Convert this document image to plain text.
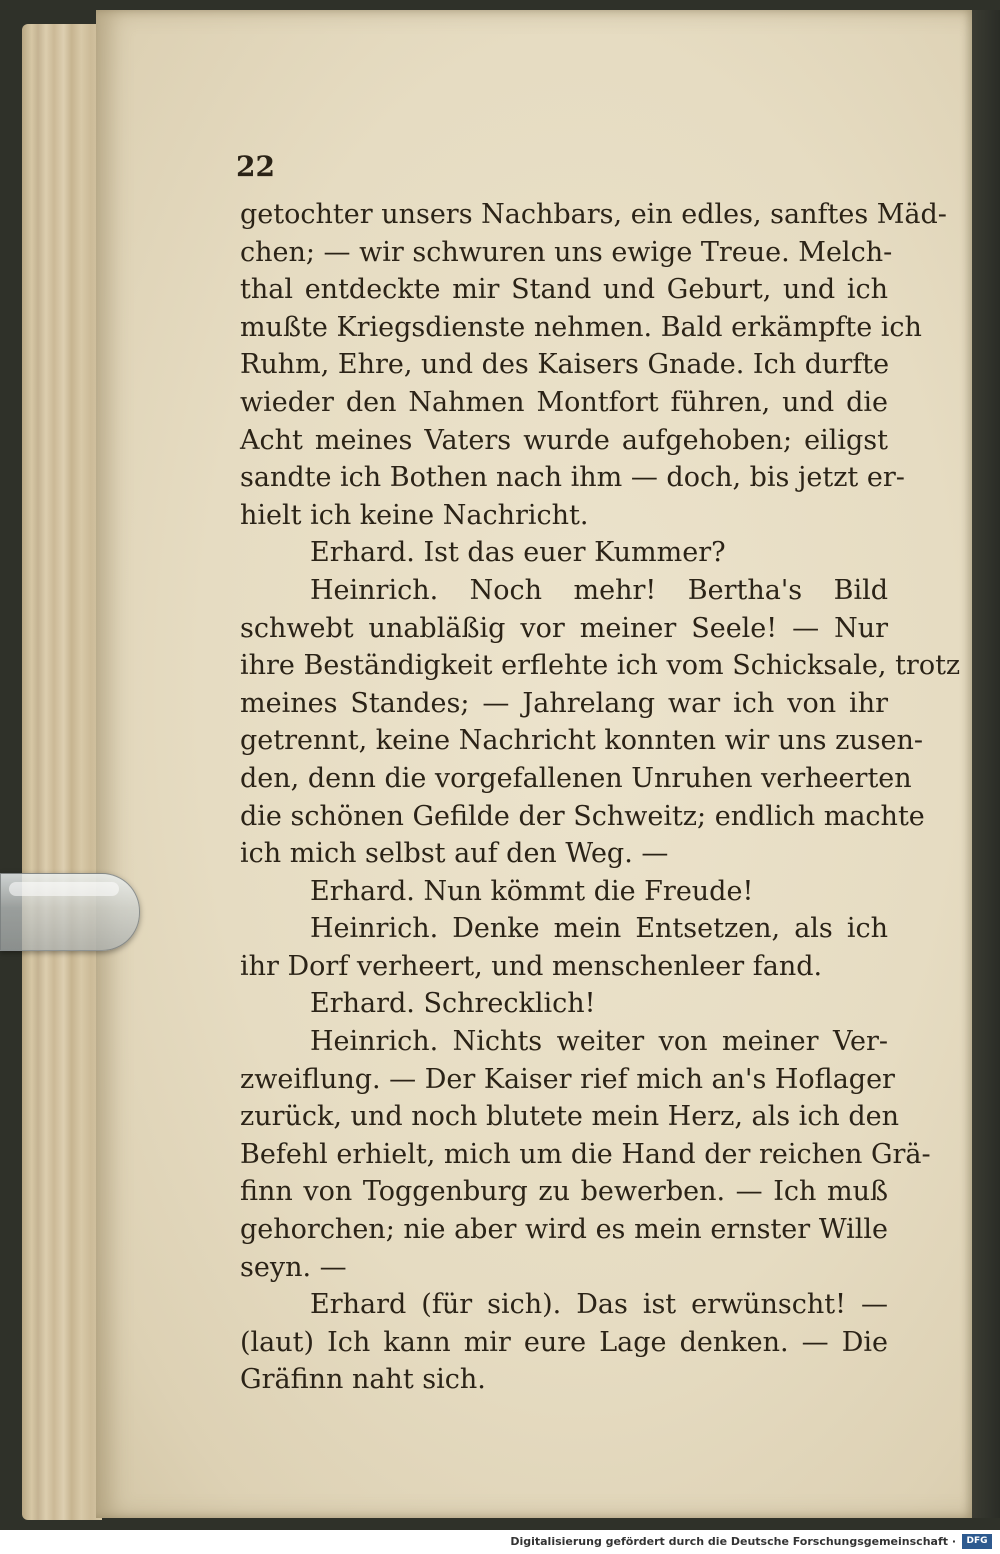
22
getochter unsers Nachbars, ein edles, sanftes Mäd-
chen; — wir schwuren uns ewige Treue. Melch-
thal entdeckte mir Stand und Geburt, und ich
mußte Kriegsdienste nehmen. Bald erkämpfte ich
Ruhm, Ehre, und des Kaisers Gnade. Ich durfte
wieder den Nahmen Montfort führen, und die
Acht meines Vaters wurde aufgehoben; eiligst
sandte ich Bothen nach ihm — doch, bis jetzt er-
hielt ich keine Nachricht.
Erhard. Ist das euer Kummer?
Heinrich. Noch mehr! Bertha's Bild
schwebt unabläßig vor meiner Seele! — Nur
ihre Beständigkeit erflehte ich vom Schicksale, trotz
meines Standes; — Jahrelang war ich von ihr
getrennt, keine Nachricht konnten wir uns zusen-
den, denn die vorgefallenen Unruhen verheerten
die schönen Gefilde der Schweitz; endlich machte
ich mich selbst auf den Weg. —
Erhard. Nun kömmt die Freude!
Heinrich. Denke mein Entsetzen, als ich
ihr Dorf verheert, und menschenleer fand.
Erhard. Schrecklich!
Heinrich. Nichts weiter von meiner Ver-
zweiflung. — Der Kaiser rief mich an's Hoflager
zurück, und noch blutete mein Herz, als ich den
Befehl erhielt, mich um die Hand der reichen Grä-
finn von Toggenburg zu bewerben. — Ich muß
gehorchen; nie aber wird es mein ernster Wille
seyn. —
Erhard (für sich). Das ist erwünscht! —
(laut) Ich kann mir eure Lage denken. — Die
Gräfinn naht sich.
Digitalisierung gefördert durch die Deutsche Forschungsgemeinschaft ·	DFG
